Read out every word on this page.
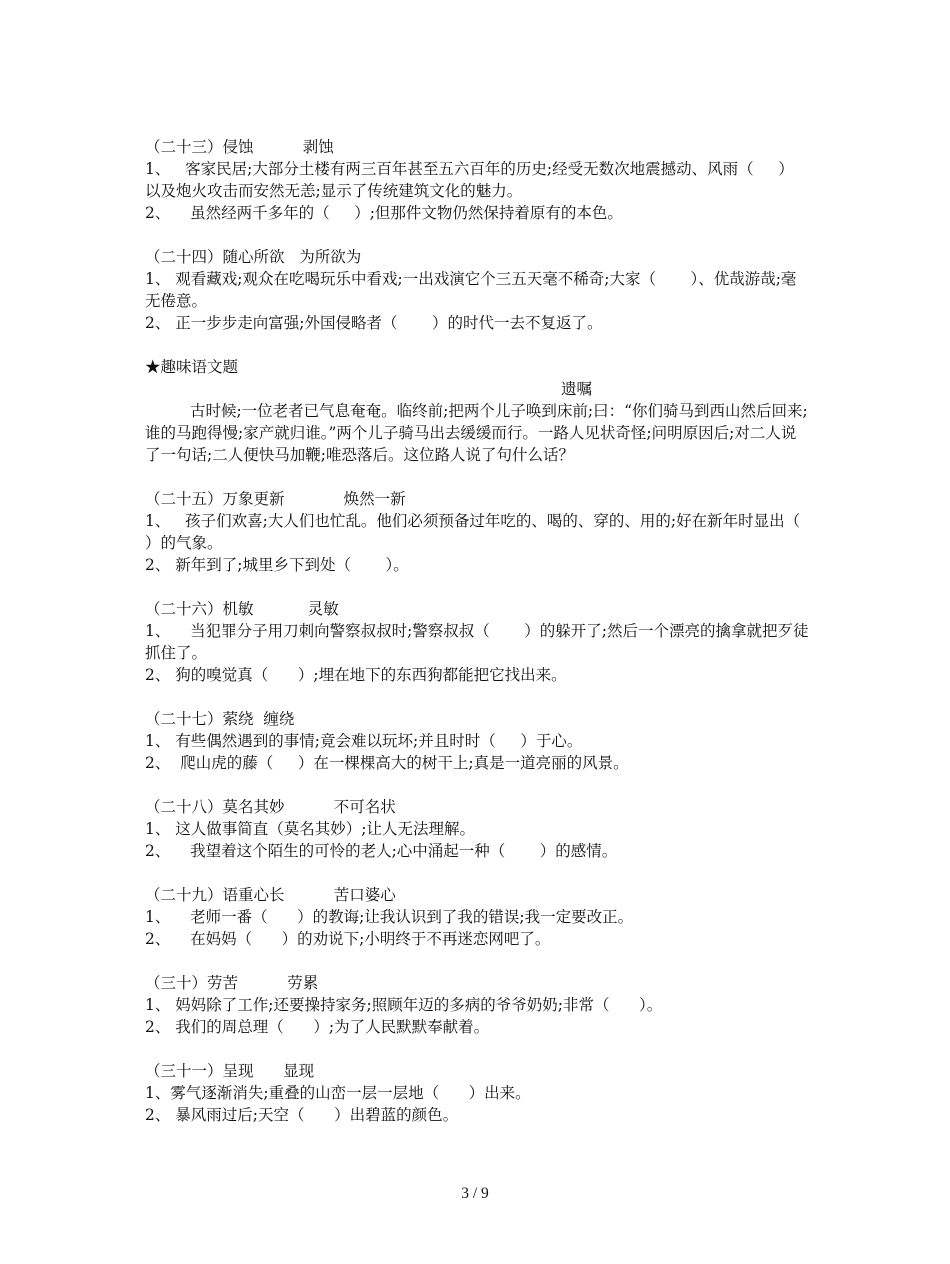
（二十三）侵蚀          剥蚀

1、   客家民居;大部分土楼有两三百年甚至五六百年的历史;经受无数次地震撼动、风雨（     ）以及炮火攻击而安然无恙;显示了传统建筑文化的魅力。

2、    虽然经两千多年的（     ）;但那件文物仍然保持着原有的本色。

（二十四）随心所欲   为所欲为

1、 观看藏戏;观众在吃喝玩乐中看戏;一出戏演它个三五天毫不稀奇;大家（       ）、优哉游哉;毫无倦意。

2、 正一步步走向富强;外国侵略者（       ）的时代一去不复返了。

★趣味语文题

遗嘱

古时候;一位老者已气息奄奄。临终前;把两个儿子唤到床前;曰：“你们骑马到西山然后回来;谁的马跑得慢;家产就归谁。”两个儿子骑马出去缓缓而行。一路人见状奇怪;问明原因后;对二人说了一句话;二人便快马加鞭;唯恐落后。这位路人说了句什么话？

（二十五）万象更新            焕然一新

1、   孩子们欢喜;大人们也忙乱。他们必须预备过年吃的、喝的、穿的、用的;好在新年时显出（       ）的气象。

2、 新年到了;城里乡下到处（       ）。

（二十六）机敏           灵敏

1、    当犯罪分子用刀刺向警察叔叔时;警察叔叔（       ）的躲开了;然后一个漂亮的擒拿就把歹徒抓住了。

2、 狗的嗅觉真（      ）;埋在地下的东西狗都能把它找出来。

（二十七）萦绕  缠绕

1、 有些偶然遇到的事情;竟会难以玩坏;并且时时（     ）于心。

2、  爬山虎的藤（     ）在一棵棵高大的树干上;真是一道亮丽的风景。

（二十八）莫名其妙          不可名状

1、 这人做事简直（莫名其妙）;让人无法理解。

2、    我望着这个陌生的可怜的老人;心中涌起一种（       ）的感情。

（二十九）语重心长          苦口婆心

1、    老师一番（      ）的教诲;让我认识到了我的错误;我一定要改正。

2、    在妈妈（      ）的劝说下;小明终于不再迷恋网吧了。

（三十）劳苦          劳累

1、 妈妈除了工作;还要操持家务;照顾年迈的多病的爷爷奶奶;非常（      ）。

2、 我们的周总理（      ）;为了人民默默奉献着。

（三十一）呈现      显现

1、雾气逐渐消失;重叠的山峦一层一层地（      ）出来。

2、 暴风雨过后;天空（      ）出碧蓝的颜色。

3 / 9
